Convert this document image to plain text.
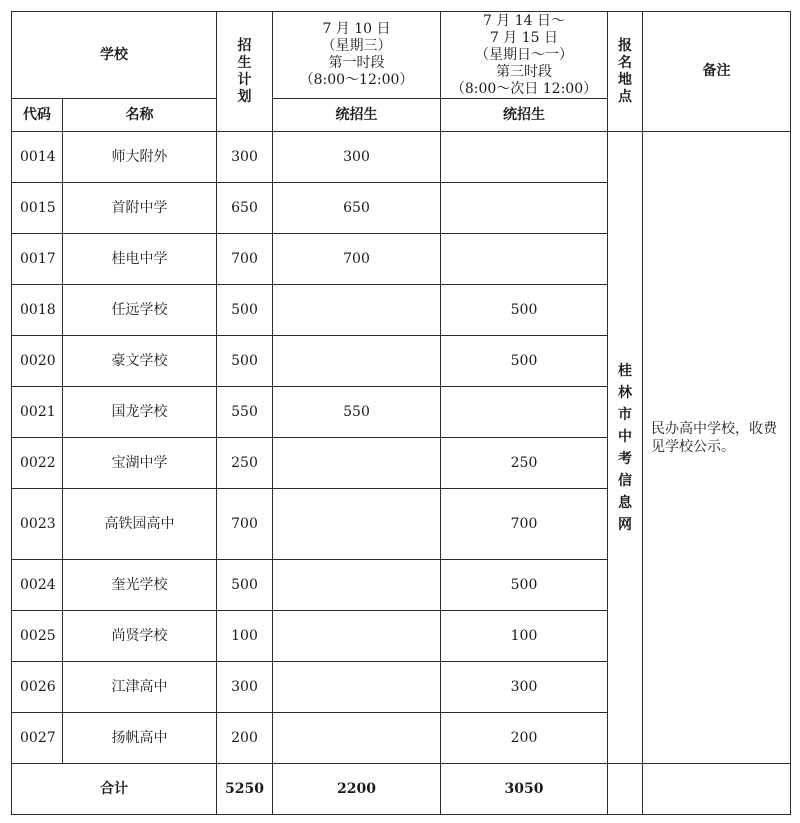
学校		招生计划	7 月 10 日
（星期三）
第一时段
（8:00～12:00）	7 月 14 日～
7 月 15 日
（星期日～一）
第三时段
（8:00～次日 12:00）	报名地点	备注
代码	名称		统招生	统招生		
0014	师大附外	300	300		桂林市中考信息网	民办高中学校，收费见学校公示。

0015	首附中学	650	650			
0017	桂电中学	700	700			
0018	任远学校	500		500		
0020	豪文学校	500		500		
0021	国龙学校	550	550			
0022	宝湖中学	250		250		
0023	高铁园高中	700		700		
0024	奎光学校	500		500		
0025	尚贤学校	100		100		
0026	江津高中	300		300		
0027	扬帆高中	200		200		
合计		5250	2200	3050		
